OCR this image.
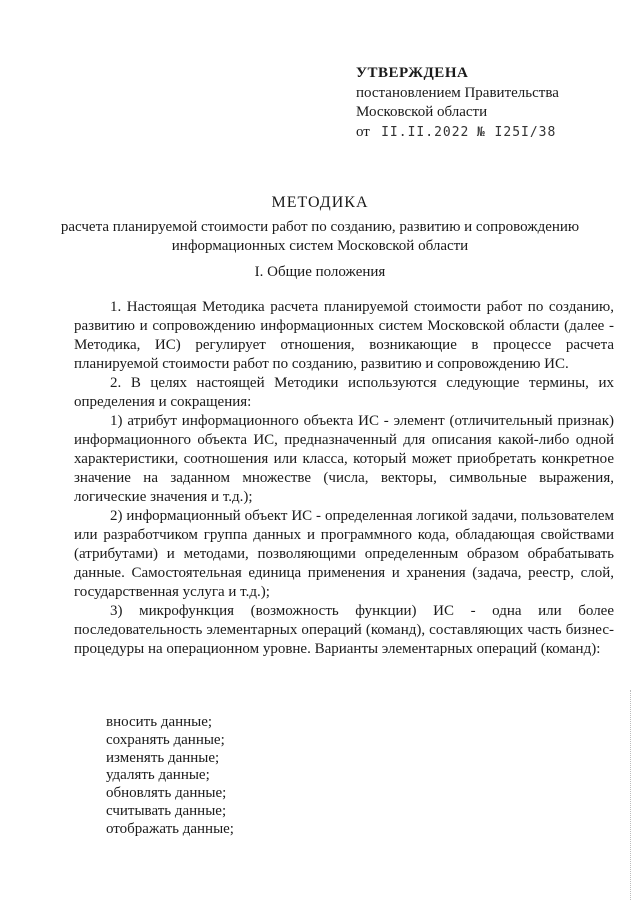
УТВЕРЖДЕНА
постановлением Правительства
Московской области
от II.II.2022 № I25I/38
МЕТОДИКА
расчета планируемой стоимости работ по созданию, развитию и сопровождению
информационных систем Московской области
I. Общие положения

1. Настоящая Методика расчета планируемой стоимости работ по созданию, развитию и сопровождению информационных систем Московской области (далее - Методика, ИС) регулирует отношения, возникающие в процессе расчета планируемой стоимости работ по созданию, развитию и сопровождению ИС.

2. В целях настоящей Методики используются следующие термины, их определения и сокращения:

1) атрибут информационного объекта ИС - элемент (отличительный признак) информационного объекта ИС, предназначенный для описания какой-либо одной характеристики, соотношения или класса, который может приобретать конкретное значение на заданном множестве (числа, векторы, символьные выражения, логические значения и т.д.);

2) информационный объект ИС - определенная логикой задачи, пользователем или разработчиком группа данных и программного кода, обладающая свойствами (атрибутами) и методами, позволяющими определенным образом обрабатывать данные. Самостоятельная единица применения и хранения (задача, реестр, слой, государственная услуга и т.д.);

3) микрофункция (возможность функции) ИС - одна или более последовательность элементарных операций (команд), составляющих часть бизнес-процедуры на операционном уровне. Варианты элементарных операций (команд):

вносить данные;
сохранять данные;
изменять данные;
удалять данные;
обновлять данные;
считывать данные;
отображать данные;
